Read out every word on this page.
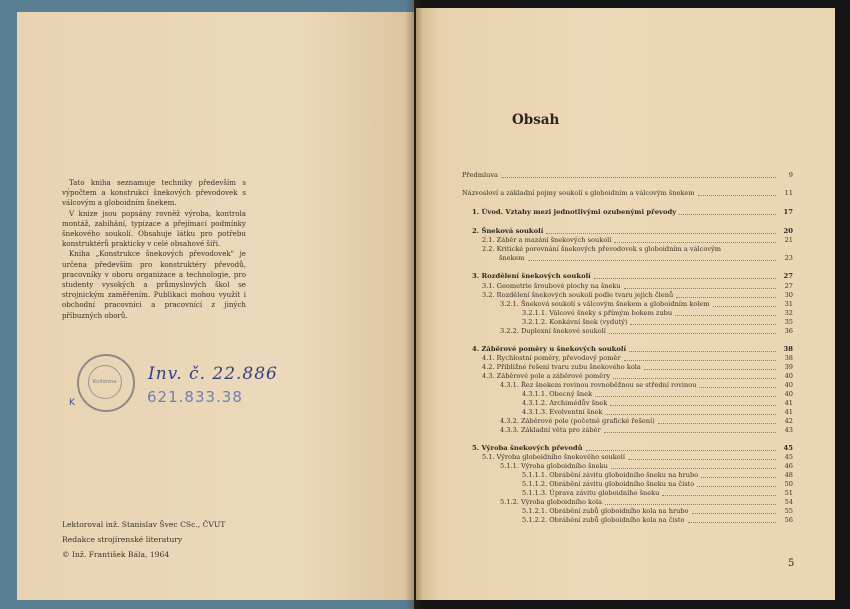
Tato kniha seznamuje techniky především s výpočtem a konstrukcí šnekových převodovek s válcovým a globoidním šnekem.

V knize jsou popsány rovněž výroba, kontrola montáž, zabíhání, typizace a přejímací podmínky šnekového soukolí. Obsahuje látku pro potřebu konstruktérů prakticky v celé obsahové šíři.

Kniha „Konstrukce šnekových převodovek" je určena především pro konstruktéry převodů, pracovníky v oboru organizace a technologie, pro studenty vysokých a průmyslových škol se strojnickým zaměřením. Publikaci mohou využít i obchodní pracovníci a pracovnící z jiných příbuzných oborů.

Knihovna
K
Inv. č. 22.886
621.833.38
Lektoroval inž. Stanislav Švec CSc., ČVUT
Redakce strojírenské literatury
© Inž. František Bála, 1964
Obsah
Předmluva	9
Názvosloví a základní pojmy soukolí s globoidním a válcovým šnekem	11
1. Úvod. Vztahy mezi jednotlivými ozubenými převody	17
2. Šneková soukolí	20
2.1. Záběr a mazání šnekových soukolí	21
2.2. Kritické porovnání šnekových převodovek s globoidním a válcovým
šnekem	23
3. Rozdělení šnekových soukolí	27
3.1. Geometrie šroubové plochy na šneku	27
3.2. Rozdělení šnekových soukolí podle tvaru jejich členů	30
3.2.1. Šneková soukolí s válcovým šnekem a globoidním kolem	31
3.2.1.1. Válcové šneky s přímým bokem zubu	32
3.2.1.2. Konkávní šnek (vydutý)	35
3.2.2. Duplexní šnekové soukolí	36
4. Záběrové poměry u šnekových soukolí	38
4.1. Rychlostní poměry, převodový poměr	38
4.2. Přibližné řešení tvaru zubu šnekového kola	39
4.3. Záběrové pole a záběrové poměry	40
4.3.1. Řez šnekem rovinou rovnoběžnou se střední rovinou	40
4.3.1.1. Obecný šnek	40
4.3.1.2. Archimédův šnek	41
4.3.1.3. Evolventní šnek	41
4.3.2. Záběrové pole (početně grafické řešení)	42
4.3.3. Základní věta pro záběr	43
5. Výroba šnekových převodů	45
5.1. Výroba globoidního šnekového soukolí	45
5.1.1. Výroba globoidního šneku	46
5.1.1.1. Obrábění závitu globoidního šneku na hrubo	48
5.1.1.2. Obrábění závitu globoidního šneku na čisto	50
5.1.1.3. Úprava závitu globoidního šneku	51
5.1.2. Výroba globoidního kola	54
5.1.2.1. Obrábění zubů globoidního kola na hrubo	55
5.1.2.2. Obrábění zubů globoidního kola na čisto	56
5
